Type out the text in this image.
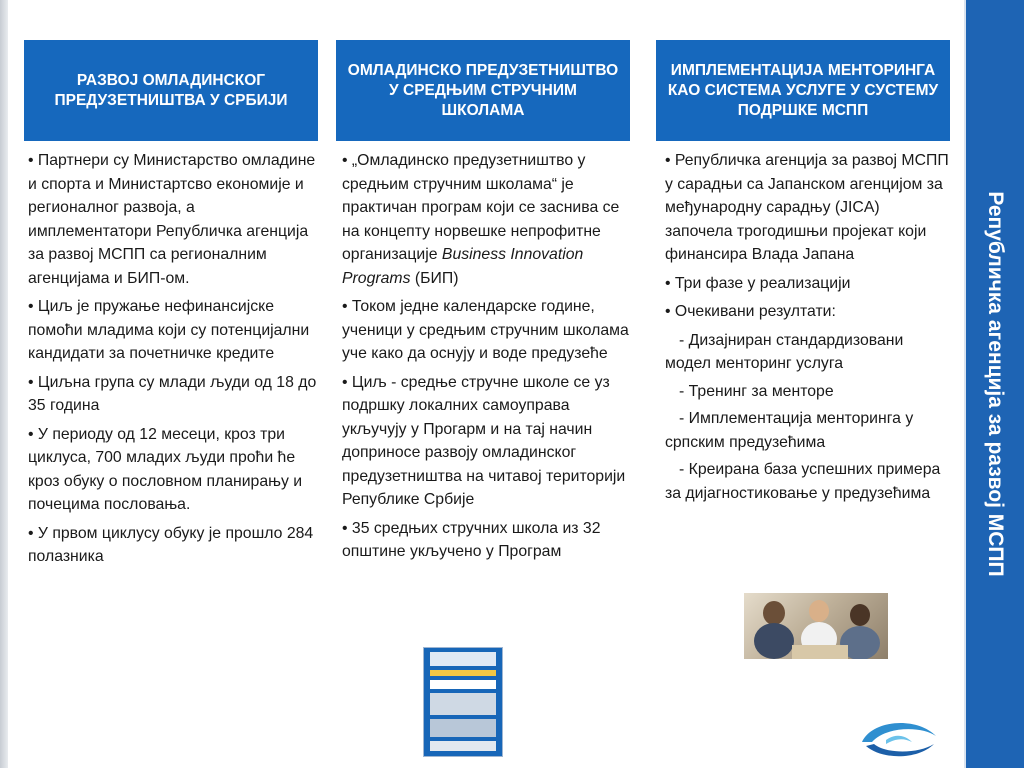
Републичка агенција за развој МСПП
РАЗВОЈ ОМЛАДИНСКОГ ПРЕДУЗЕТНИШТВА У СРБИЈИ

• Партнери су Министарство омладине и спорта и Министартсво економије и регионалног развоја, а имплементатори Републичка агенција за развој МСПП са регионалним агенцијама и БИП-ом.

• Циљ је пружање нефинансијске помоћи младима који су потенцијални кандидати за почетничке кредите

• Циљна група су млади људи од 18 до 35 година

• У периоду од 12 месеци, кроз три циклуса, 700 младих људи проћи ће кроз обуку о пословном планирању и почецима пословања.

• У првом циклусу обуку је прошло 284 полазника

ОМЛАДИНСКО ПРЕДУЗЕТНИШТВО У СРЕДЊИМ СТРУЧНИМ ШКОЛАМА

• „Омладинско предузетништво у средњим стручним школама“ је практичан програм који се заснива се на концепту норвешке непрофитне организације Business Innovation Programs (БИП)

• Током једне календарске године, ученици у средњим стручним школама уче како да оснују и воде предузеће

• Циљ - средње стручне школе се уз подршку локалних самоуправа укључују у Прогарм и на тај начин доприносе развоју омладинског предузетништва на читавој територији Републике Србије

• 35 средњих стручних школа из 32 општине укључено у Програм

ИМПЛЕМЕНТАЦИЈА МЕНТОРИНГА КАО СИСТЕМА УСЛУГЕ У СУСТЕМУ ПОДРШКЕ МСПП

• Републичка агенција за развој МСПП у сарадњи са Јапанском агенцијом за међународну сарадњу (JICA) започела трогодишњи пројекат који финансира Влада Јапана

• Три фазе у реализацији

• Очекивани резултати:

- Дизајниран стандардизовани модел менторинг услуга

- Тренинг за менторе

- Имплементација менторинга у српским предузећима

- Креирана база успешних примера за дијагностиковање у предузећима
